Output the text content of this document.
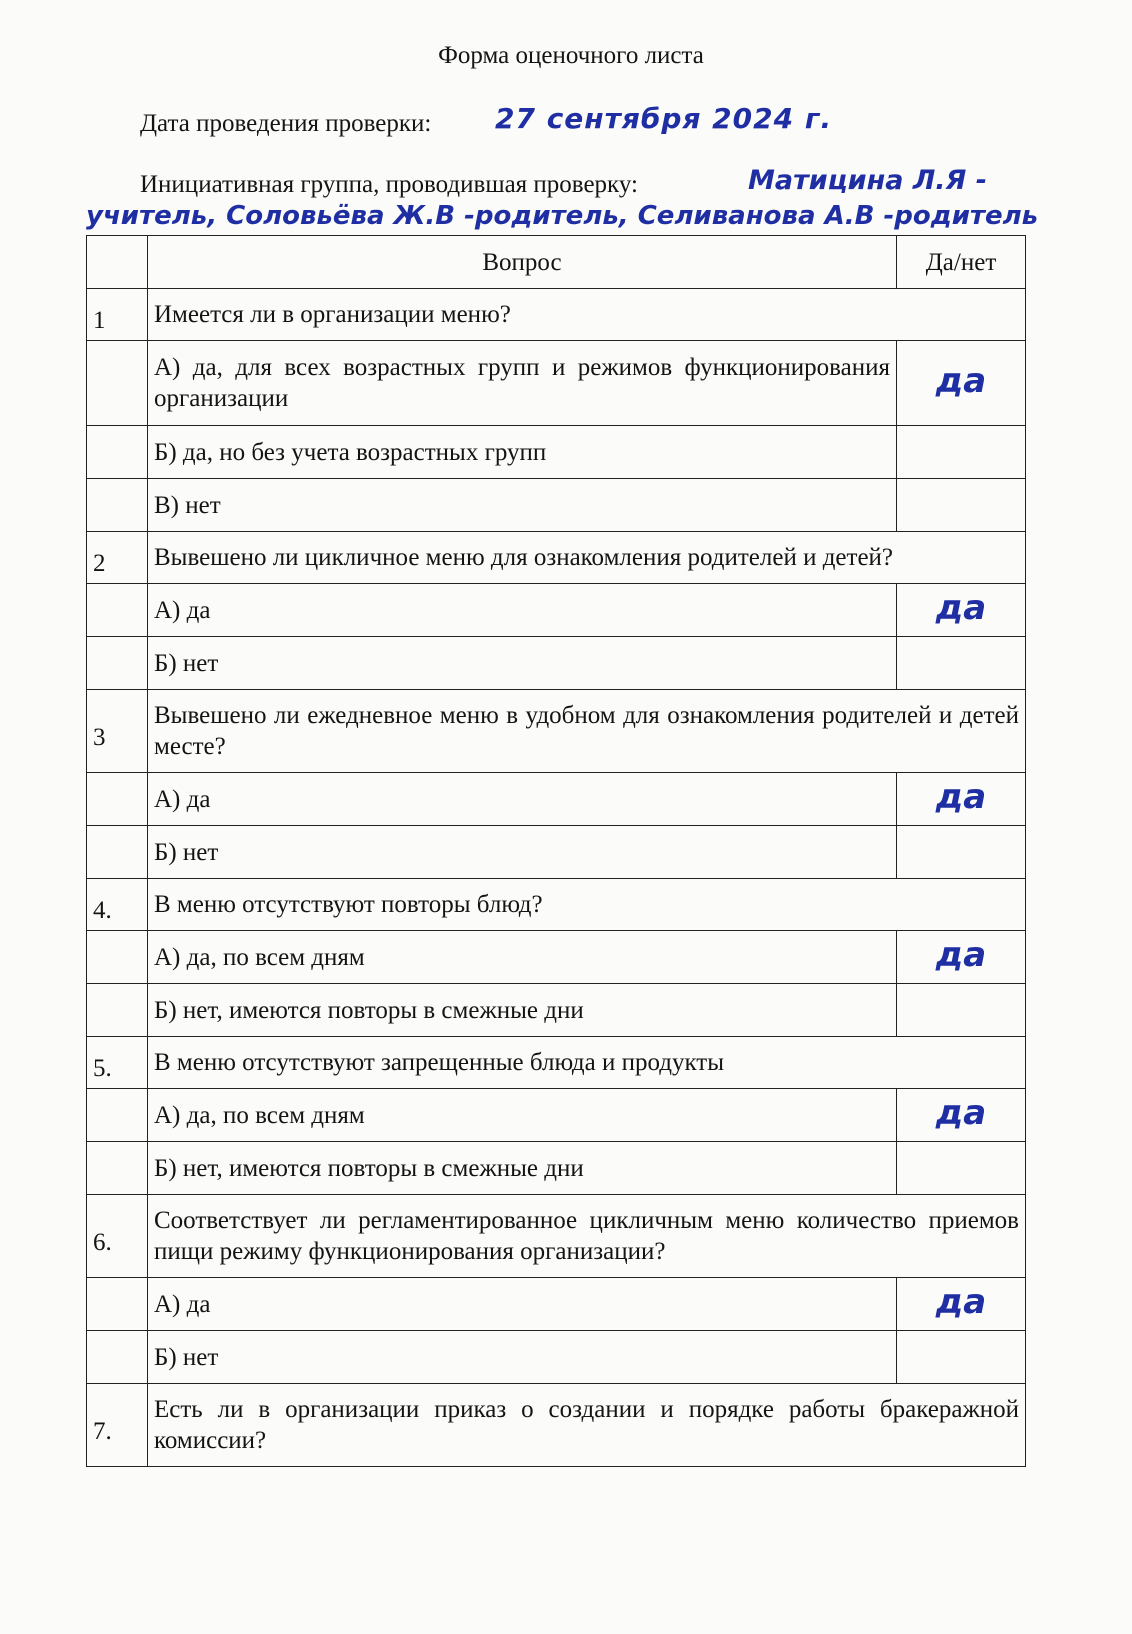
Форма оценочного листа
Дата проведения проверки: 27 сентября 2024 г.
Инициативная группа, проводившая проверку:	Матицина Л.Я -
учитель, Соловьёва Ж.В -родитель, Селиванова А.В -родитель
	Вопрос	Да/нет
1	Имеется ли в организации меню?	
	А) да, для всех возрастных групп и режимов функционирования организации	да
	Б) да, но без учета возрастных групп	
	В) нет	
2	Вывешено ли цикличное меню для ознакомления родителей и детей?	
	А) да	да
	Б) нет	
3	Вывешено ли ежедневное меню в удобном для ознакомления родителей и детей месте?	
	А) да	да
	Б) нет	
4.	В меню отсутствуют повторы блюд?	
	А) да, по всем дням	да
	Б) нет, имеются повторы в смежные дни	
5.	В меню отсутствуют запрещенные блюда и продукты	
	А) да, по всем дням	да
	Б) нет, имеются повторы в смежные дни	
6.	Соответствует ли регламентированное цикличным меню количество приемов пищи режиму функционирования организации?	
	А) да	да
	Б) нет	
7.	Есть ли в организации приказ о создании и порядке работы бракеражной комиссии?	
